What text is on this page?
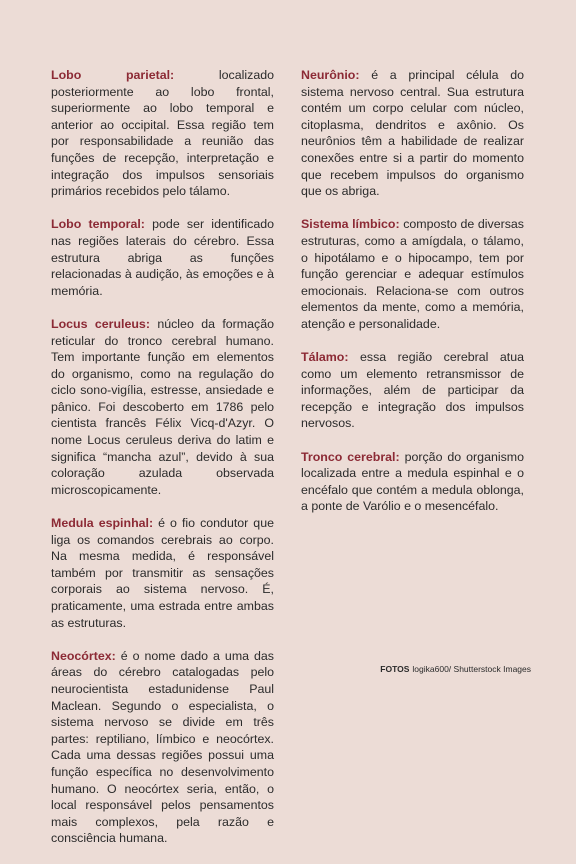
Lobo parietal:	localizado posteriormente ao lobo frontal, superiormente ao lobo temporal e anterior ao occipital. Essa região tem por responsabilidade a reunião das funções de recepção, interpretação e integração dos impulsos sensoriais primários recebidos pelo tálamo.

Lobo temporal: pode ser identificado nas regiões laterais do cérebro. Essa estrutura abriga as funções relacionadas à audição, às emoções e à memória.

Locus ceruleus: núcleo da formação reticular do tronco cerebral humano. Tem importante função em elementos do organismo, como na regulação do ciclo sono-vigília, estresse, ansiedade e pânico. Foi descoberto em 1786 pelo cientista francês Félix Vicq-d'Azyr. O nome Locus ceruleus deriva do latim e significa “mancha azul”, devido à sua coloração azulada observada microscopicamente.

Medula espinhal: é o fio condutor que liga os comandos cerebrais ao corpo. Na mesma medida, é responsável também por transmitir as sensações corporais ao sistema nervoso. É, praticamente, uma estrada entre ambas as estruturas.

Neocórtex: é o nome dado a uma das áreas do cérebro catalogadas pelo neurocientista estadunidense Paul Maclean. Segundo o especialista, o sistema nervoso se divide em três partes: reptiliano, límbico e neocórtex. Cada uma dessas regiões possui uma função específica no desenvolvimento humano. O neocórtex seria, então, o local responsável pelos pensamentos mais complexos, pela razão e consciência humana.

Neurônio: é a principal célula do sistema nervoso central. Sua estrutura contém um corpo celular com núcleo, citoplasma, dendritos e axônio. Os neurônios têm a habilidade de realizar conexões entre si a partir do momento que recebem impulsos do organismo que os abriga.

Sistema límbico: composto de diversas estruturas, como a amígdala, o tálamo, o hipotálamo e o hipocampo, tem por função gerenciar e adequar estímulos emocionais. Relaciona-se com outros elementos da mente, como a memória, atenção e personalidade.

Tálamo: essa região cerebral atua como um elemento retransmissor de informações, além de participar da recepção e integração dos impulsos nervosos.

Tronco cerebral: porção do organismo localizada entre a medula espinhal e o encéfalo que contém a medula oblonga, a ponte de Varólio e o mesencéfalo.

FOTOS logika600/ Shutterstock Images
